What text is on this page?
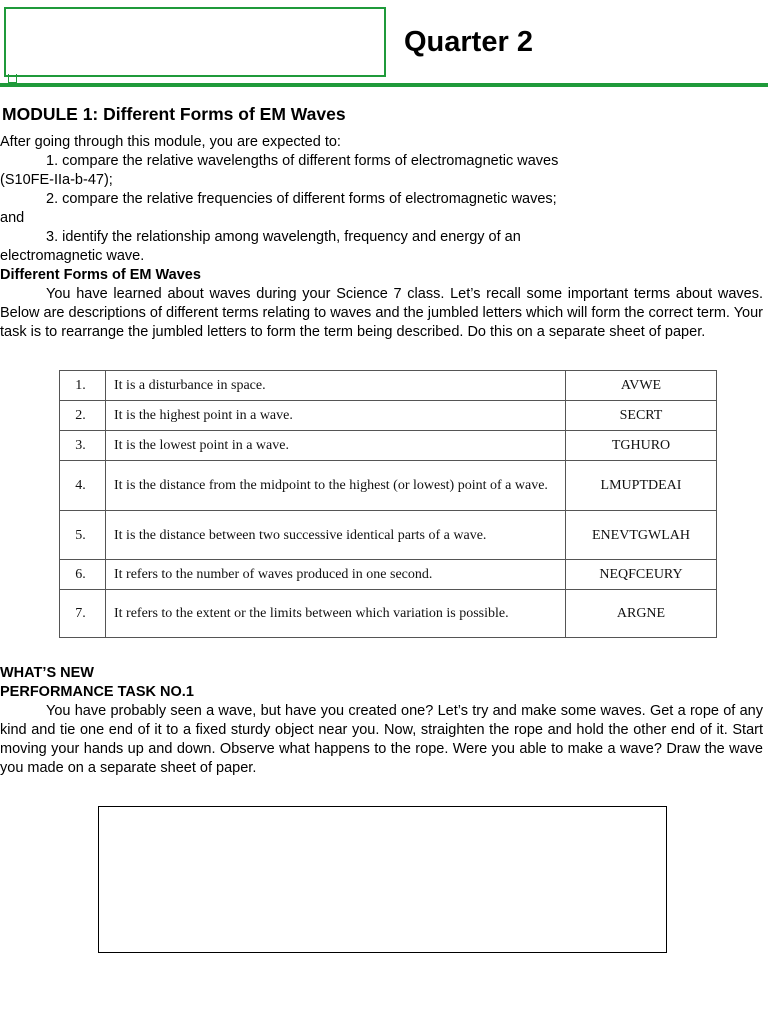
Quarter 2
MODULE 1: Different Forms of EM Waves

After going through this module, you are expected to:

1. compare the relative wavelengths of different forms of electromagnetic waves

(S10FE-IIa-b-47);

2. compare the relative frequencies of different forms of electromagnetic waves;

and

3. identify the relationship among wavelength, frequency and energy of an

electromagnetic wave.

Different Forms of EM Waves

You have learned about waves during your Science 7 class. Let’s recall some important terms about waves. Below are descriptions of different terms relating to waves and the jumbled letters which will form the correct term. Your task is to rearrange the jumbled letters to form the term being described. Do this on a separate sheet of paper.

1.	It is a disturbance in space.	AVWE
2.	It is the highest point in a wave.	SECRT
3.	It is the lowest point in a wave.	TGHURO
4.	It is the distance from the midpoint to the highest (or lowest) point of a wave.	LMUPTDEAI
5.	It is the distance between two successive identical parts of a wave.	ENEVTGWLAH
6.	It refers to the number of waves produced in one second.	NEQFCEURY
7.	It refers to the extent or the limits between which variation is possible.	ARGNE

WHAT’S NEW

PERFORMANCE TASK NO.1

You have probably seen a wave, but have you created one? Let’s try and make some waves. Get a rope of any kind and tie one end of it to a fixed sturdy object near you. Now, straighten the rope and hold the other end of it. Start moving your hands up and down. Observe what happens to the rope. Were you able to make a wave? Draw the wave you made on a separate sheet of paper.
